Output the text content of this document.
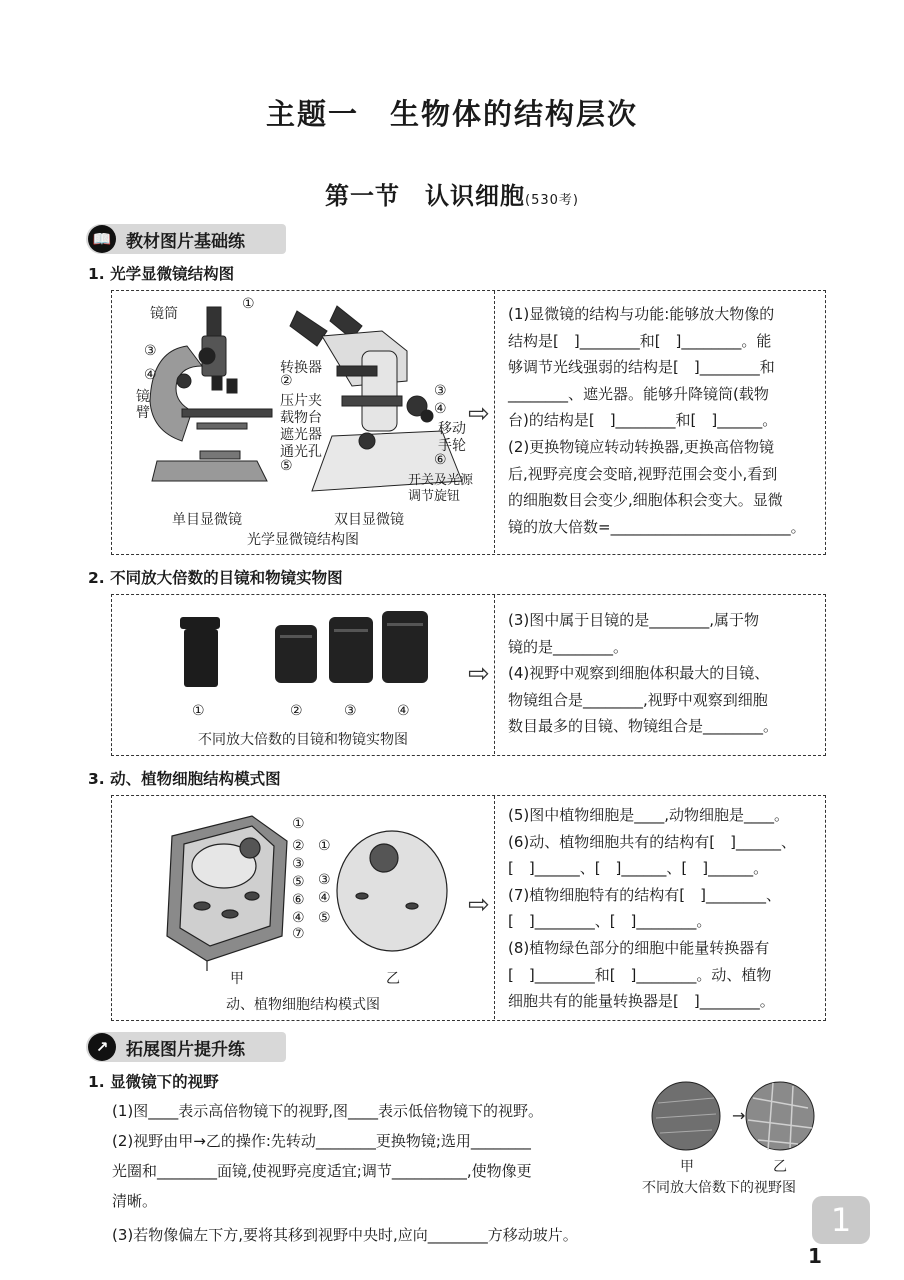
主题一　生物体的结构层次
第一节　认识细胞(530考)
📖 教材图片基础练
1. 光学显微镜结构图
镜筒
①
③
④
镜臂
转换器
②
压片夹
载物台
遮光器
通光孔
⑤
③
④
移动
手轮
⑥
开关及光源
调节旋钮
单目显微镜	双目显微镜
光学显微镜结构图
⇨
(1)显微镜的结构与功能:能够放大物像的
结构是[　]________和[　]________。能
够调节光线强弱的结构是[　]________和
________、遮光器。能够升降镜筒(载物
台)的结构是[　]________和[　]______。
(2)更换物镜应转动转换器,更换高倍物镜
后,视野亮度会变暗,视野范围会变小,看到
的细胞数目会变少,细胞体积会变大。显微
镜的放大倍数=________________________。
2. 不同放大倍数的目镜和物镜实物图
①	②	③	④
不同放大倍数的目镜和物镜实物图
⇨
(3)图中属于目镜的是________,属于物
镜的是________。
(4)视野中观察到细胞体积最大的目镜、
物镜组合是________,视野中观察到细胞
数目最多的目镜、物镜组合是________。
3. 动、植物细胞结构模式图
①
②
③
⑤
⑥
④
⑦
①
③
④
⑤
甲	乙
动、植物细胞结构模式图
⇨
(5)图中植物细胞是____,动物细胞是____。
(6)动、植物细胞共有的结构有[　]______、
[　]______、[　]______、[　]______。
(7)植物细胞特有的结构有[　]________、
[　]________、[　]________。
(8)植物绿色部分的细胞中能量转换器有
[　]________和[　]________。动、植物
细胞共有的能量转换器是[　]________。
↗	拓展图片提升练
1. 显微镜下的视野
(1)图____表示高倍物镜下的视野,图____表示低倍物镜下的视野。
(2)视野由甲→乙的操作:先转动________更换物镜;选用________
光圈和________面镜,使视野亮度适宜;调节__________,使物像更
清晰。
(3)若物像偏左下方,要将其移到视野中央时,应向________方移动玻片。
→
甲	乙
不同放大倍数下的视野图
1
1
